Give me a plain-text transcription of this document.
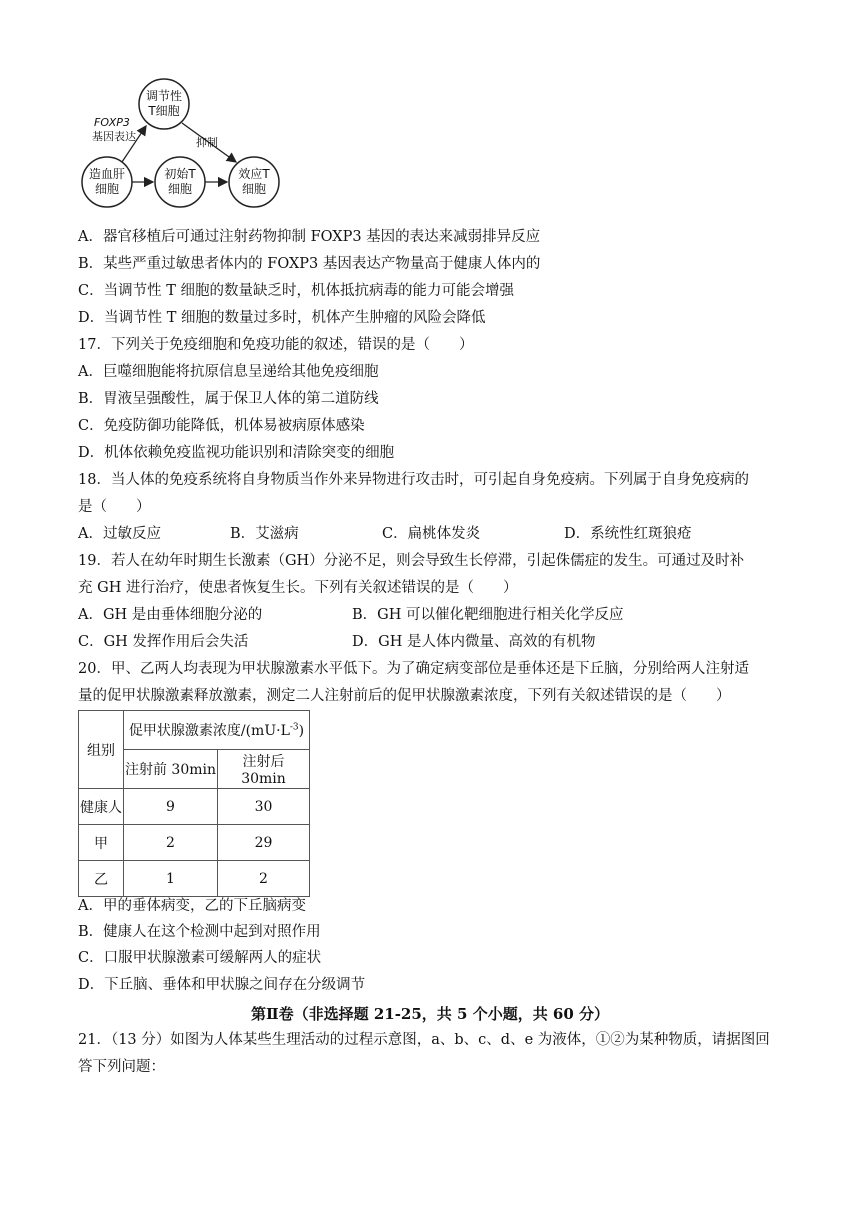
调节性
T细胞
造血肝
细胞
初始T
细胞
效应T
细胞
FOXP3
基因表达	抑制
A．器官移植后可通过注射药物抑制 FOXP3 基因的表达来减弱排异反应
B．某些严重过敏患者体内的 FOXP3 基因表达产物量高于健康人体内的
C．当调节性 T 细胞的数量缺乏时，机体抵抗病毒的能力可能会增强
D．当调节性 T 细胞的数量过多时，机体产生肿瘤的风险会降低
17．下列关于免疫细胞和免疫功能的叙述，错误的是（　　）
A．巨噬细胞能将抗原信息呈递给其他免疫细胞
B．胃液呈强酸性，属于保卫人体的第二道防线
C．免疫防御功能降低，机体易被病原体感染
D．机体依赖免疫监视功能识别和清除突变的细胞
18．当人体的免疫系统将自身物质当作外来异物进行攻击时，可引起自身免疫病。下列属于自身免疫病的
是（　　）
A．过敏反应	B．艾滋病	C．扁桃体发炎	D．系统性红斑狼疮
19．若人在幼年时期生长激素（GH）分泌不足，则会导致生长停滞，引起侏儒症的发生。可通过及时补
充 GH 进行治疗，使患者恢复生长。下列有关叙述错误的是（　　）
A．GH 是由垂体细胞分泌的	B．GH 可以催化靶细胞进行相关化学反应
C．GH 发挥作用后会失活	D．GH 是人体内微量、高效的有机物
20．甲、乙两人均表现为甲状腺激素水平低下。为了确定病变部位是垂体还是下丘脑，分别给两人注射适
量的促甲状腺激素释放激素，测定二人注射前后的促甲状腺激素浓度，下列有关叙述错误的是（　　）
组别	促甲状腺激素浓度$/(mU\cdot L^{-3})$	
	注射前 30min	注射后 30min
健康人	9	30
甲	2	29
乙	1	2
A．甲的垂体病变，乙的下丘脑病变
B．健康人在这个检测中起到对照作用
C．口服甲状腺激素可缓解两人的症状
D．下丘脑、垂体和甲状腺之间存在分级调节
第Ⅱ卷（非选择题 21-25，共 5 个小题，共 60 分）
21．（13 分）如图为人体某些生理活动的过程示意图，a、b、c、d、e 为液体，①②为某种物质，请据图回
答下列问题：
